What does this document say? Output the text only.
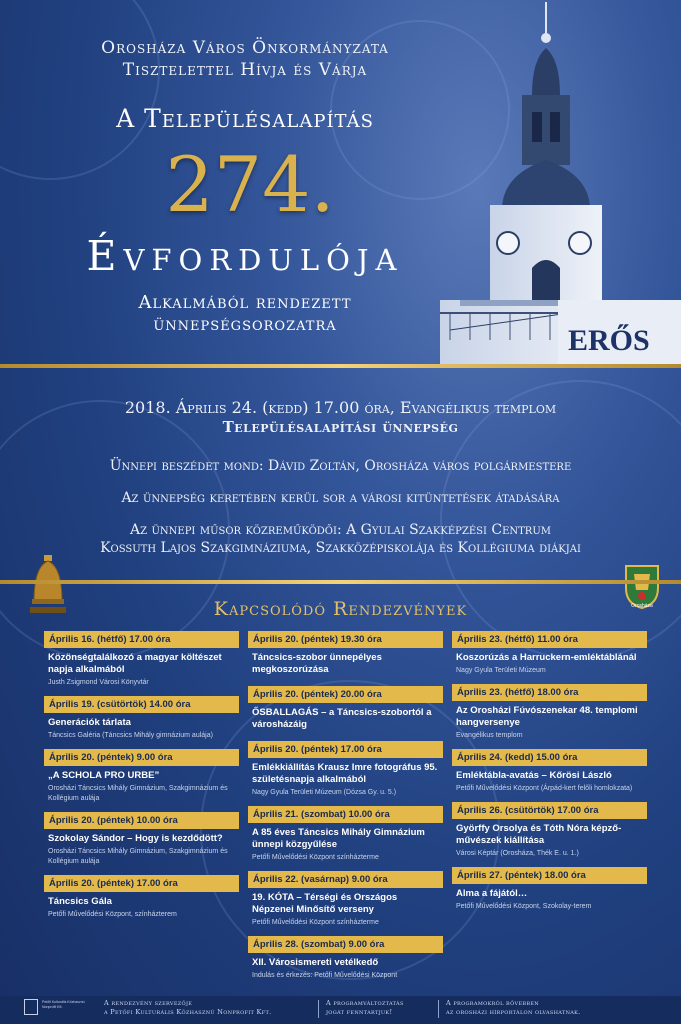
Orosháza Város Önkormányzata
Tisztelettel Hívja és Várja
A Településalapítás
274.
Évfordulója
Alkalmából rendezett
ünnepségsorozatra	ERŐS
2018. Április 24. (kedd) 17.00 óra, Evangélikus templom
Településalapítási ünnepség
Ünnepi beszédet mond: Dávid Zoltán, Orosháza város polgármestere
Az ünnepség keretében kerül sor a városi kitüntetések átadására
Az ünnepi műsor közreműködői: A Gyulai Szakképzési Centrum
Kossuth Lajos Szakgimnáziuma, Szakközépiskolája és Kollégiuma diákjai
Orosháza
Kapcsolódó Rendezvények
Április 16. (hétfő) 17.00 óra
Közönségtalálkozó a magyar költészet napja alkalmából
Justh Zsigmond Városi Könyvtár
Április 19. (csütörtök) 14.00 óra
Generációk tárlata
Táncsics Galéria (Táncsics Mihály gimnázium aulája)
Április 20. (péntek) 9.00 óra
„A SCHOLA PRO URBE”
Orosházi Táncsics Mihály Gimnázium, Szakgimnázium és Kollégium aulája
Április 20. (péntek) 10.00 óra
Szokolay Sándor – Hogy is kezdődött?
Orosházi Táncsics Mihály Gimnázium, Szakgimnázium és Kollégium aulája
Április 20. (péntek) 17.00 óra
Táncsics Gála
Petőfi Művelődési Központ, színházterem
Április 20. (péntek) 19.30 óra
Táncsics-szobor ünnepélyes megkoszorúzása
Április 20. (péntek) 20.00 óra
ŐSBALLAGÁS – a Táncsics-szobortól a városházáig
Április 20. (péntek) 17.00 óra
Emlékkiállítás Krausz Imre fotográfus 95. születésnapja alkalmából
Nagy Gyula Területi Múzeum (Dózsa Gy. u. 5.)
Április 21. (szombat) 10.00 óra
A 85 éves Táncsics Mihály Gimnázium ünnepi közgyűlése
Petőfi Művelődési Központ színházterme
Április 22. (vasárnap) 9.00 óra
19. KÓTA – Térségi és Országos Népzenei Minősítő verseny
Petőfi Művelődési Központ színházterme
Április 28. (szombat) 9.00 óra
XII. Városismereti vetélkedő
Indulás és érkezés: Petőfi Művelődési Központ
Április 23. (hétfő) 11.00 óra
Koszorúzás a Harruckern-emléktáblánál
Nagy Gyula Területi Múzeum
Április 23. (hétfő) 18.00 óra
Az Orosházi Fúvószenekar 48. templomi hangversenye
Evangélikus templom
Április 24. (kedd) 15.00 óra
Emléktábla-avatás – Kőrösi László
Petőfi Művelődési Központ (Árpád-kert felőli homlokzata)
Április 26. (csütörtök) 17.00 óra
Györffy Orsolya és Tóth Nóra képzőművészek kiállítása
Városi Képtár (Orosháza, Thék E. u. 1.)
Április 27. (péntek) 18.00 óra
Alma a fájától…
Petőfi Művelődési Központ, Szokolay-terem
Petőfi Kulturális Közhasznú Nonprofit Kft.	A rendezvény szervezője
a Petőfi Kulturális Közhasznú Nonprofit Kft.
A programváltoztatás
jogát fenntartjuk!
A programokról bővebben
az orosházi hírportálon olvashatnak.
